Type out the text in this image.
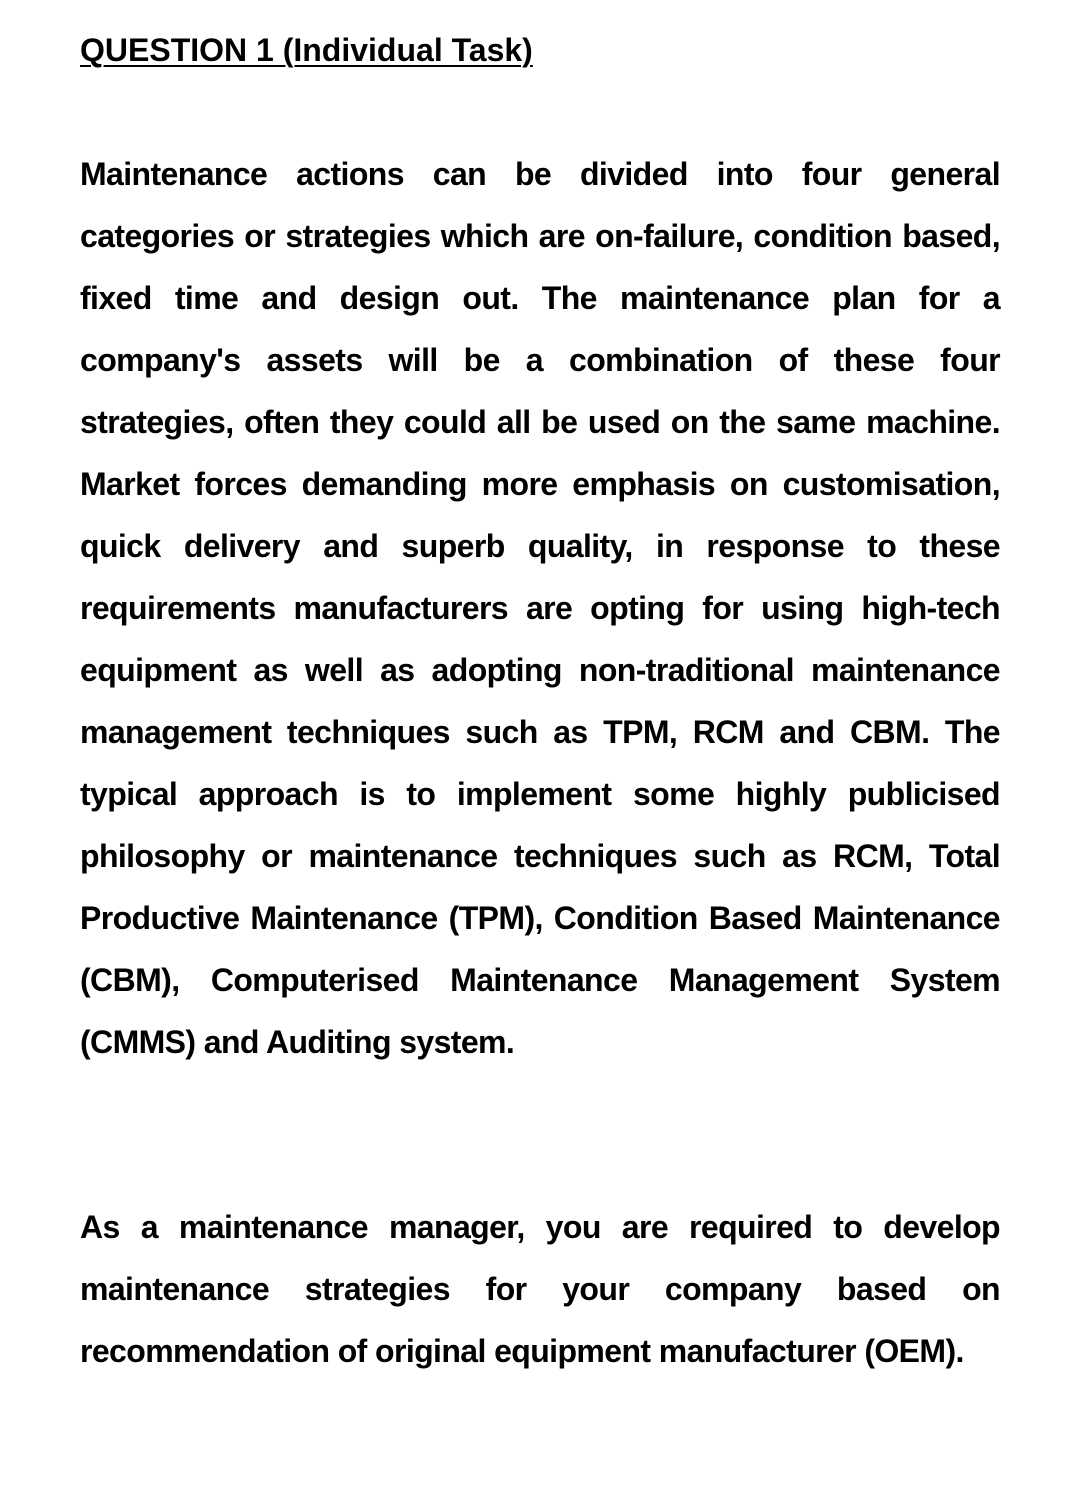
QUESTION 1 (Individual Task)

Maintenance actions can be divided into four general categories or strategies which are on-failure, condition based, fixed time and design out. The maintenance plan for a company's assets will be a combination of these four strategies, often they could all be used on the same machine. Market forces demanding more emphasis on customisation, quick delivery and superb quality, in response to these requirements manufacturers are opting for using high-tech equipment as well as adopting non-traditional maintenance management techniques such as TPM, RCM and CBM. The typical approach is to implement some highly publicised philosophy or maintenance techniques such as RCM, Total Productive Maintenance (TPM), Condition Based Maintenance (CBM), Computerised Maintenance Management System (CMMS) and Auditing system.

As a maintenance manager, you are required to develop maintenance strategies for your company based on recommendation of original equipment manufacturer (OEM).
